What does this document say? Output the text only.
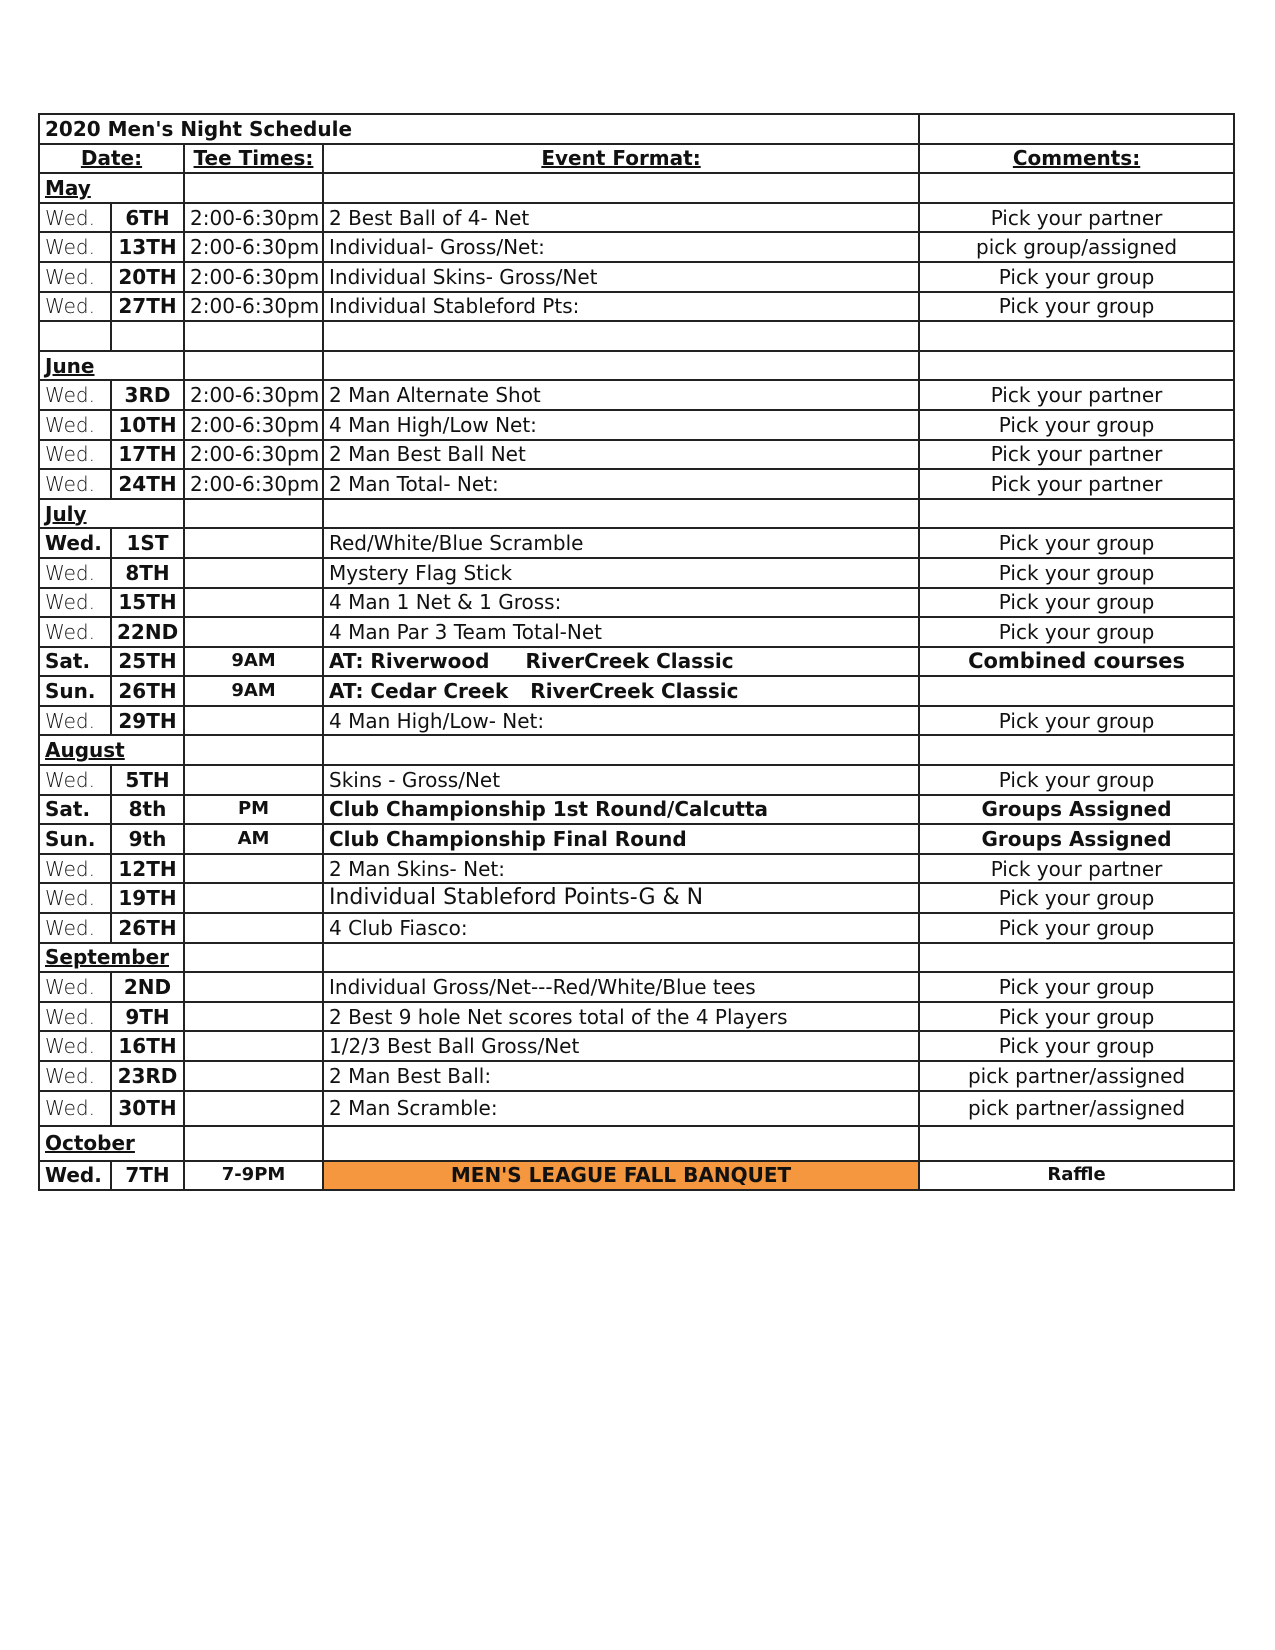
2020 Men's Night Schedule				
Date:		Tee Times:	Event Format:	Comments:
May				
Wed.	6TH	2:00-6:30pm	2 Best Ball of 4- Net	Pick your partner
Wed.	13TH	2:00-6:30pm	Individual- Gross/Net:	pick group/assigned
Wed.	20TH	2:00-6:30pm	Individual Skins- Gross/Net	Pick your group
Wed.	27TH	2:00-6:30pm	Individual Stableford Pts:	Pick your group

June				
Wed.	3RD	2:00-6:30pm	2 Man Alternate Shot	Pick your partner
Wed.	10TH	2:00-6:30pm	4 Man High/Low Net:	Pick your group
Wed.	17TH	2:00-6:30pm	2 Man Best Ball Net	Pick your partner
Wed.	24TH	2:00-6:30pm	2 Man Total- Net:	Pick your partner
July				
Wed.	1ST		Red/White/Blue Scramble	Pick your group
Wed.	8TH		Mystery Flag Stick	Pick your group
Wed.	15TH		4 Man 1 Net & 1 Gross:	Pick your group
Wed.	22ND		4 Man Par 3 Team Total-Net	Pick your group
Sat.	25TH	9AM	AT: Riverwood RiverCreek Classic	Combined courses
Sun.	26TH	9AM	AT: Cedar Creek RiverCreek Classic	
Wed.	29TH		4 Man High/Low- Net:	Pick your group
August				
Wed.	5TH		Skins - Gross/Net	Pick your group
Sat.	8th	PM	Club Championship 1st Round/Calcutta	Groups Assigned
Sun.	9th	AM	Club Championship Final Round	Groups Assigned
Wed.	12TH		2 Man Skins- Net:	Pick your partner
Wed.	19TH		Individual Stableford Points-G & N	Pick your group
Wed.	26TH		4 Club Fiasco:	Pick your group
September				
Wed.	2ND		Individual Gross/Net---Red/White/Blue tees	Pick your group
Wed.	9TH		2 Best 9 hole Net scores total of the 4 Players	Pick your group
Wed.	16TH		1/2/3 Best Ball Gross/Net	Pick your group
Wed.	23RD		2 Man Best Ball:	pick partner/assigned
Wed.	30TH		2 Man Scramble:	pick partner/assigned
October				
Wed.	7TH	7-9PM	MEN'S LEAGUE FALL BANQUET	Raffle
